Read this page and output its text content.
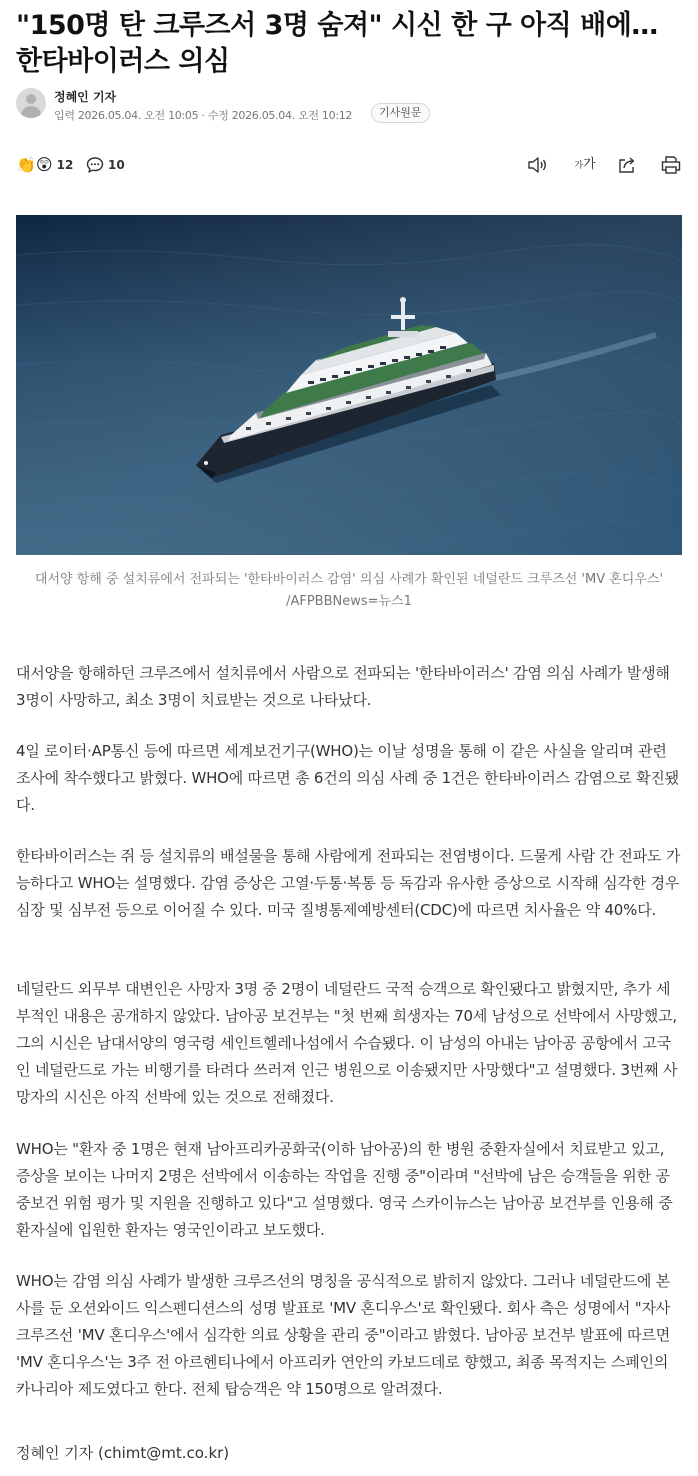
"150명 탄 크루즈서 3명 숨져" 시신 한 구 아직 배에…한타바이러스 의심
정혜인 기자
입력 2026.05.04. 오전 10:05 · 수정 2026.05.04. 오전 10:12	기사원문
👏😲 12	10	가가
대서양 항해 중 설치류에서 전파되는 '한타바이러스 감염' 의심 사례가 확인된 네덜란드 크루즈선 'MV 혼디우스' /AFPBBNews=뉴스1

대서양을 항해하던 크루즈에서 설치류에서 사람으로 전파되는 '한타바이러스' 감염 의심 사례가 발생해 3명이 사망하고, 최소 3명이 치료받는 것으로 나타났다.

4일 로이터·AP통신 등에 따르면 세계보건기구(WHO)는 이날 성명을 통해 이 같은 사실을 알리며 관련 조사에 착수했다고 밝혔다. WHO에 따르면 총 6건의 의심 사례 중 1건은 한타바이러스 감염으로 확진됐다.

한타바이러스는 쥐 등 설치류의 배설물을 통해 사람에게 전파되는 전염병이다. 드물게 사람 간 전파도 가능하다고 WHO는 설명했다. 감염 증상은 고열·두통·복통 등 독감과 유사한 증상으로 시작해 심각한 경우 심장 및 심부전 등으로 이어질 수 있다. 미국 질병통제예방센터(CDC)에 따르면 치사율은 약 40%다.

네덜란드 외무부 대변인은 사망자 3명 중 2명이 네덜란드 국적 승객으로 확인됐다고 밝혔지만, 추가 세부적인 내용은 공개하지 않았다. 남아공 보건부는 "첫 번째 희생자는 70세 남성으로 선박에서 사망했고, 그의 시신은 남대서양의 영국령 세인트헬레나섬에서 수습됐다. 이 남성의 아내는 남아공 공항에서 고국인 네덜란드로 가는 비행기를 타려다 쓰러져 인근 병원으로 이송됐지만 사망했다"고 설명했다. 3번째 사망자의 시신은 아직 선박에 있는 것으로 전해졌다.

WHO는 "환자 중 1명은 현재 남아프리카공화국(이하 남아공)의 한 병원 중환자실에서 치료받고 있고, 증상을 보이는 나머지 2명은 선박에서 이송하는 작업을 진행 중"이라며 "선박에 남은 승객들을 위한 공중보건 위험 평가 및 지원을 진행하고 있다"고 설명했다. 영국 스카이뉴스는 남아공 보건부를 인용해 중환자실에 입원한 환자는 영국인이라고 보도했다.

WHO는 감염 의심 사례가 발생한 크루즈선의 명칭을 공식적으로 밝히지 않았다. 그러나 네덜란드에 본사를 둔 오션와이드 익스펜디션스의 성명 발표로 'MV 혼디우스'로 확인됐다. 회사 측은 성명에서 "자사 크루즈선 'MV 혼디우스'에서 심각한 의료 상황을 관리 중"이라고 밝혔다. 남아공 보건부 발표에 따르면 'MV 혼디우스'는 3주 전 아르헨티나에서 아프리카 연안의 카보드데로 향했고, 최종 목적지는 스페인의 카나리아 제도였다고 한다. 전체 탑승객은 약 150명으로 알려졌다.

정혜인 기자 (chimt@mt.co.kr)
